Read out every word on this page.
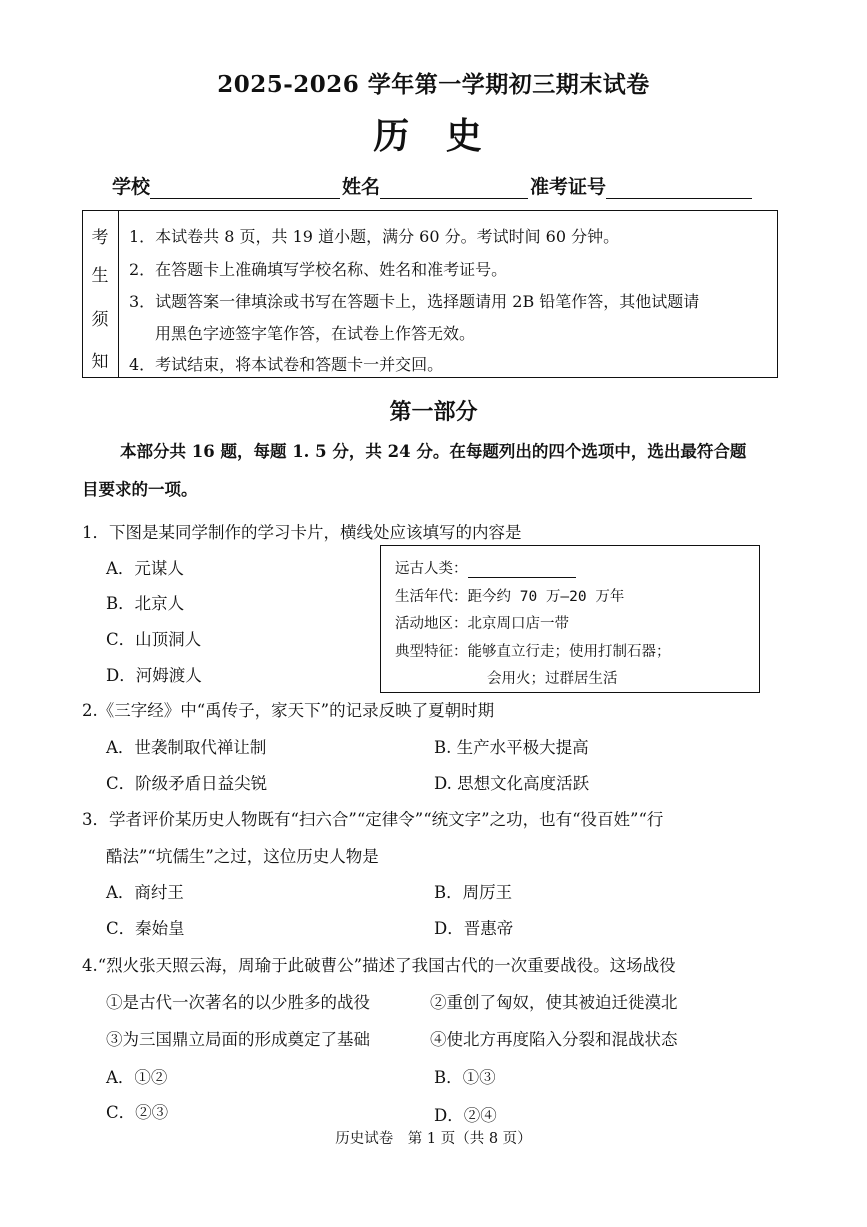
2025-2026 学年第一学期初三期末试卷
历 史
学校	姓名	准考证号
考
生
须
知
1．本试卷共 8 页，共 19 道小题，满分 60 分。考试时间 60 分钟。
2．在答题卡上准确填写学校名称、姓名和准考证号。
3．试题答案一律填涂或书写在答题卡上，选择题请用 2B 铅笔作答，其他试题请
用黑色字迹签字笔作答，在试卷上作答无效。
4．考试结束，将本试卷和答题卡一并交回。
第一部分
本部分共 16 题，每题 1. 5 分，共 24 分。在每题列出的四个选项中，选出最符合题
目要求的一项。
1．下图是某同学制作的学习卡片，横线处应该填写的内容是
A．元谋人
B．北京人
C．山顶洞人
D．河姆渡人
远古人类：
生活年代：距今约 70 万—20 万年
活动地区：北京周口店一带
典型特征：能够直立行走；使用打制石器；
会用火；过群居生活
2.《三字经》中“禹传子，家天下”的记录反映了夏朝时期
A．世袭制取代禅让制	B. 生产水平极大提高
C．阶级矛盾日益尖锐	D. 思想文化高度活跃
3．学者评价某历史人物既有“扫六合”“定律令”“统文字”之功，也有“役百姓”“行
酷法”“坑儒生”之过，这位历史人物是
A．商纣王	B．周厉王
C．秦始皇	D．晋惠帝
4.“烈火张天照云海，周瑜于此破曹公”描述了我国古代的一次重要战役。这场战役
①是古代一次著名的以少胜多的战役	②重创了匈奴，使其被迫迁徙漠北
③为三国鼎立局面的形成奠定了基础	④使北方再度陷入分裂和混战状态
A．①②	B．①③
C．②③	D．②④
历史试卷　第 1 页（共 8 页）
